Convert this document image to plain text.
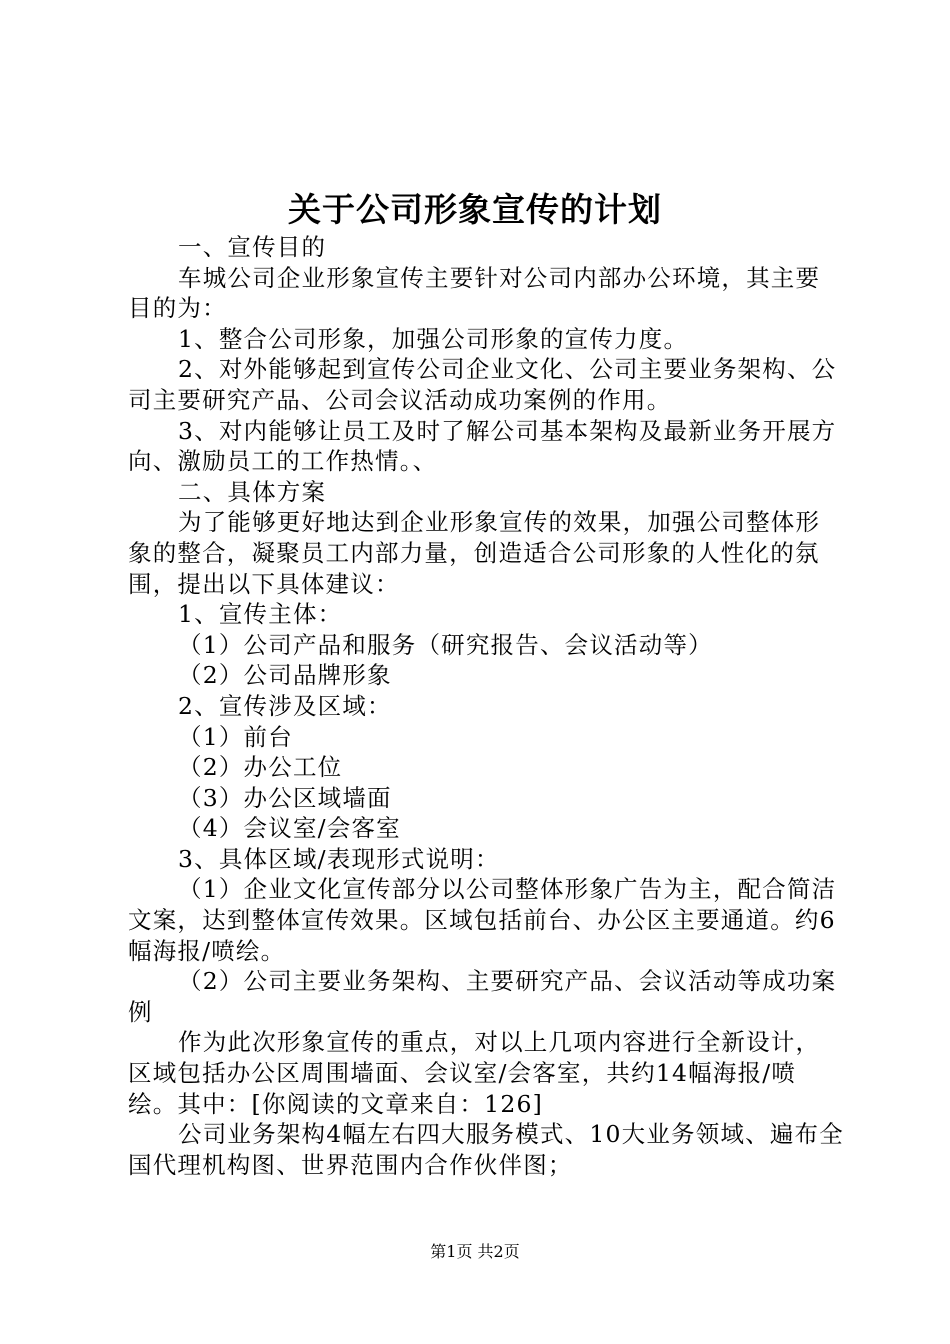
关于公司形象宣传的计划

一、宣传目的

车城公司企业形象宣传主要针对公司内部办公环境，其主要目的为：

1、整合公司形象，加强公司形象的宣传力度。

2、对外能够起到宣传公司企业文化、公司主要业务架构、公司主要研究产品、公司会议活动成功案例的作用。

3、对内能够让员工及时了解公司基本架构及最新业务开展方向、激励员工的工作热情。、

二、具体方案

为了能够更好地达到企业形象宣传的效果，加强公司整体形象的整合，凝聚员工内部力量，创造适合公司形象的人性化的氛围，提出以下具体建议：

1、宣传主体：

（1）公司产品和服务（研究报告、会议活动等）

（2）公司品牌形象

2、宣传涉及区域：

（1）前台

（2）办公工位

（3）办公区域墙面

（4）会议室/会客室

3、具体区域/表现形式说明：

（1）企业文化宣传部分以公司整体形象广告为主，配合简洁文案，达到整体宣传效果。区域包括前台、办公区主要通道。约6幅海报/喷绘。

（2）公司主要业务架构、主要研究产品、会议活动等成功案例

作为此次形象宣传的重点，对以上几项内容进行全新设计，区域包括办公区周围墙面、会议室/会客室，共约14幅海报/喷绘。其中：[你阅读的文章来自：126]

公司业务架构4幅左右四大服务模式、10大业务领域、遍布全国代理机构图、世界范围内合作伙伴图；

第1页 共2页
